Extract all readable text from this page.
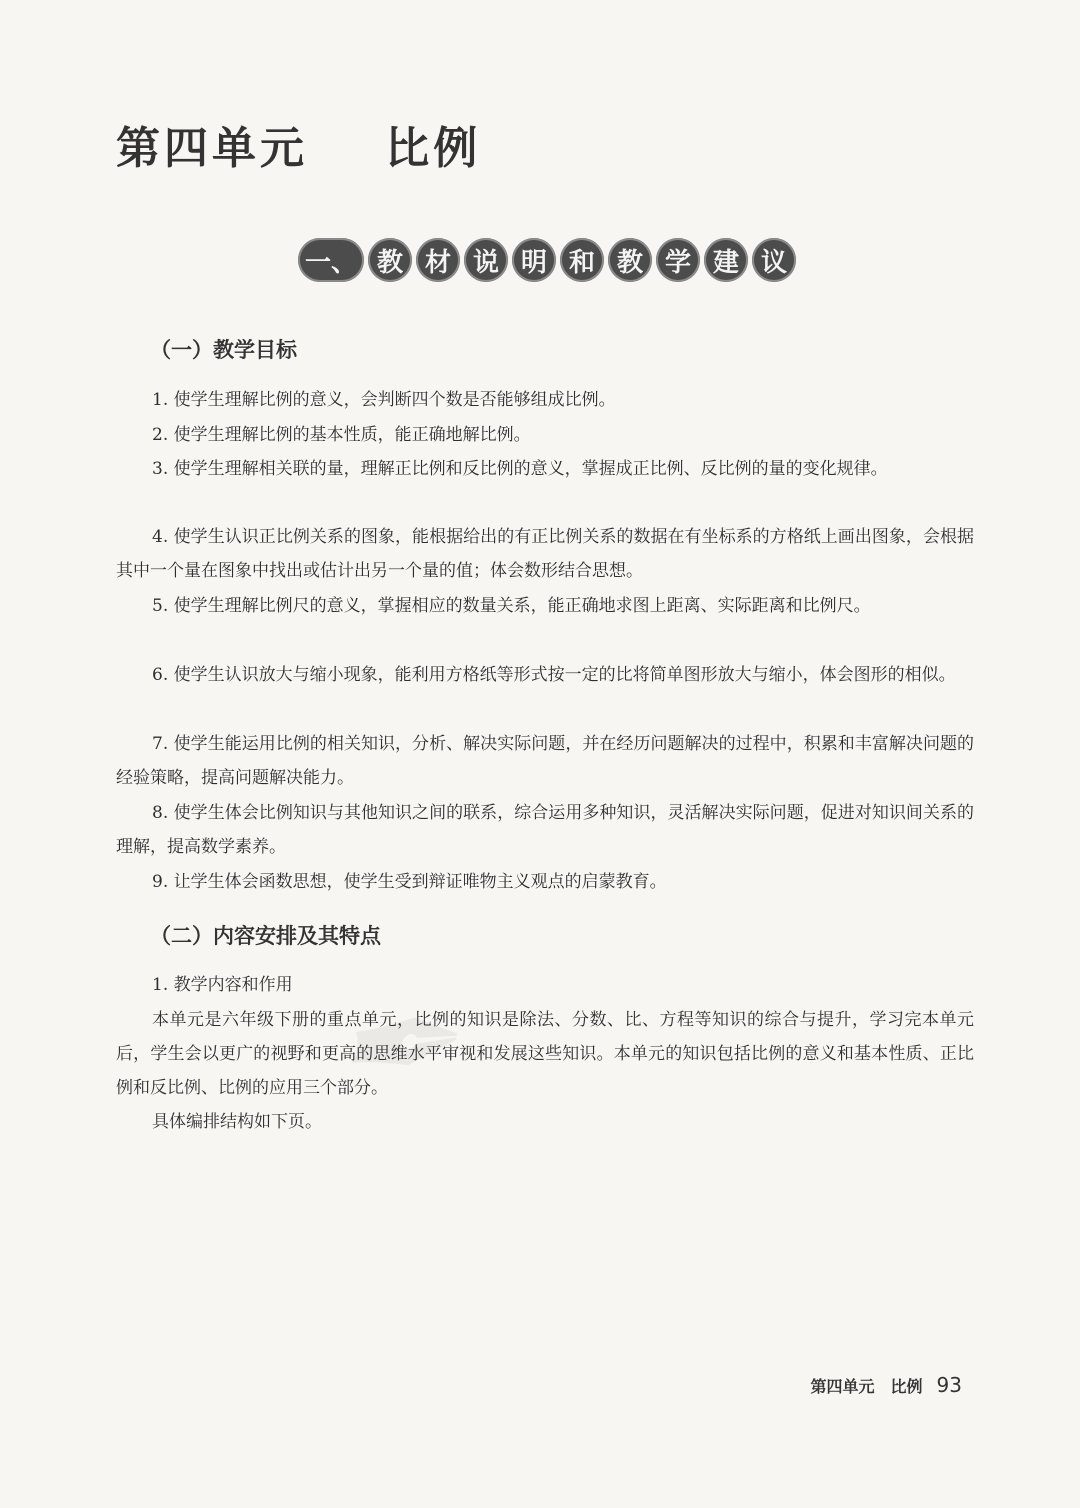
第四单元    比例
一、 教 材 说 明 和 教 学 建 议
（一）教学目标
1. 使学生理解比例的意义，会判断四个数是否能够组成比例。
2. 使学生理解比例的基本性质，能正确地解比例。
3. 使学生理解相关联的量，理解正比例和反比例的意义，掌握成正比例、反比例的量的变化规律。
4. 使学生认识正比例关系的图象，能根据给出的有正比例关系的数据在有坐标系的方格纸上画出图象，会根据其中一个量在图象中找出或估计出另一个量的值；体会数形结合思想。
5. 使学生理解比例尺的意义，掌握相应的数量关系，能正确地求图上距离、实际距离和比例尺。
6. 使学生认识放大与缩小现象，能利用方格纸等形式按一定的比将简单图形放大与缩小，体会图形的相似。
7. 使学生能运用比例的相关知识，分析、解决实际问题，并在经历问题解决的过程中，积累和丰富解决问题的经验策略，提高问题解决能力。
8. 使学生体会比例知识与其他知识之间的联系，综合运用多种知识，灵活解决实际问题，促进对知识间关系的理解，提高数学素养。
9. 让学生体会函数思想，使学生受到辩证唯物主义观点的启蒙教育。
（二）内容安排及其特点
✒︎
1. 教学内容和作用
本单元是六年级下册的重点单元，比例的知识是除法、分数、比、方程等知识的综合与提升，学习完本单元后，学生会以更广的视野和更高的思维水平审视和发展这些知识。本单元的知识包括比例的意义和基本性质、正比例和反比例、比例的应用三个部分。
具体编排结构如下页。
第四单元　比例 93
